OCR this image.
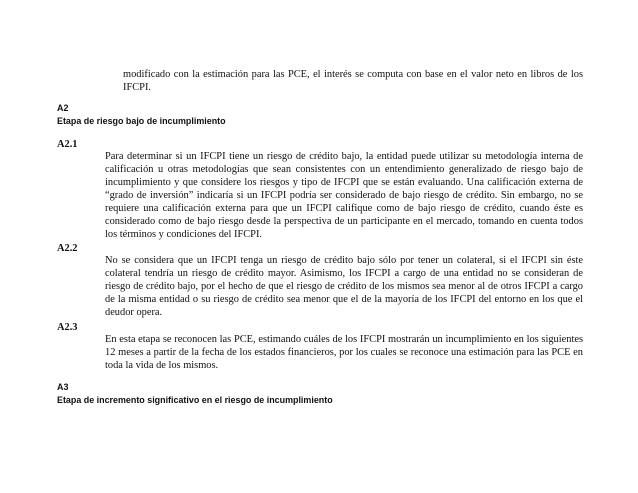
modificado con la estimación para las PCE, el interés se computa con base en el valor neto en libros de los IFCPI.
A2
Etapa de riesgo bajo de incumplimiento
A2.1
Para determinar si un IFCPI tiene un riesgo de crédito bajo, la entidad puede utilizar su metodología interna de calificación u otras metodologías que sean consistentes con un entendimiento generalizado de riesgo bajo de incumplimiento y que considere los riesgos y tipo de IFCPI que se están evaluando. Una calificación externa de “grado de inversión” indicaría si un IFCPI podría ser considerado de bajo riesgo de crédito. Sin embargo, no se requiere una calificación externa para que un IFCPI califique como de bajo riesgo de crédito, cuando éste es considerado como de bajo riesgo desde la perspectiva de un participante en el mercado, tomando en cuenta todos los términos y condiciones del IFCPI.
A2.2
No se considera que un IFCPI tenga un riesgo de crédito bajo sólo por tener un colateral, si el IFCPI sin éste colateral tendría un riesgo de crédito mayor. Asimismo, los IFCPI a cargo de una entidad no se consideran de riesgo de crédito bajo, por el hecho de que el riesgo de crédito de los mismos sea menor al de otros IFCPI a cargo de la misma entidad o su riesgo de crédito sea menor que el de la mayoría de los IFCPI del entorno en los que el deudor opera.
A2.3
En esta etapa se reconocen las PCE, estimando cuáles de los IFCPI mostrarán un incumplimiento en los siguientes 12 meses a partir de la fecha de los estados financieros, por los cuales se reconoce una estimación para las PCE en toda la vida de los mismos.
A3
Etapa de incremento significativo en el riesgo de incumplimiento
